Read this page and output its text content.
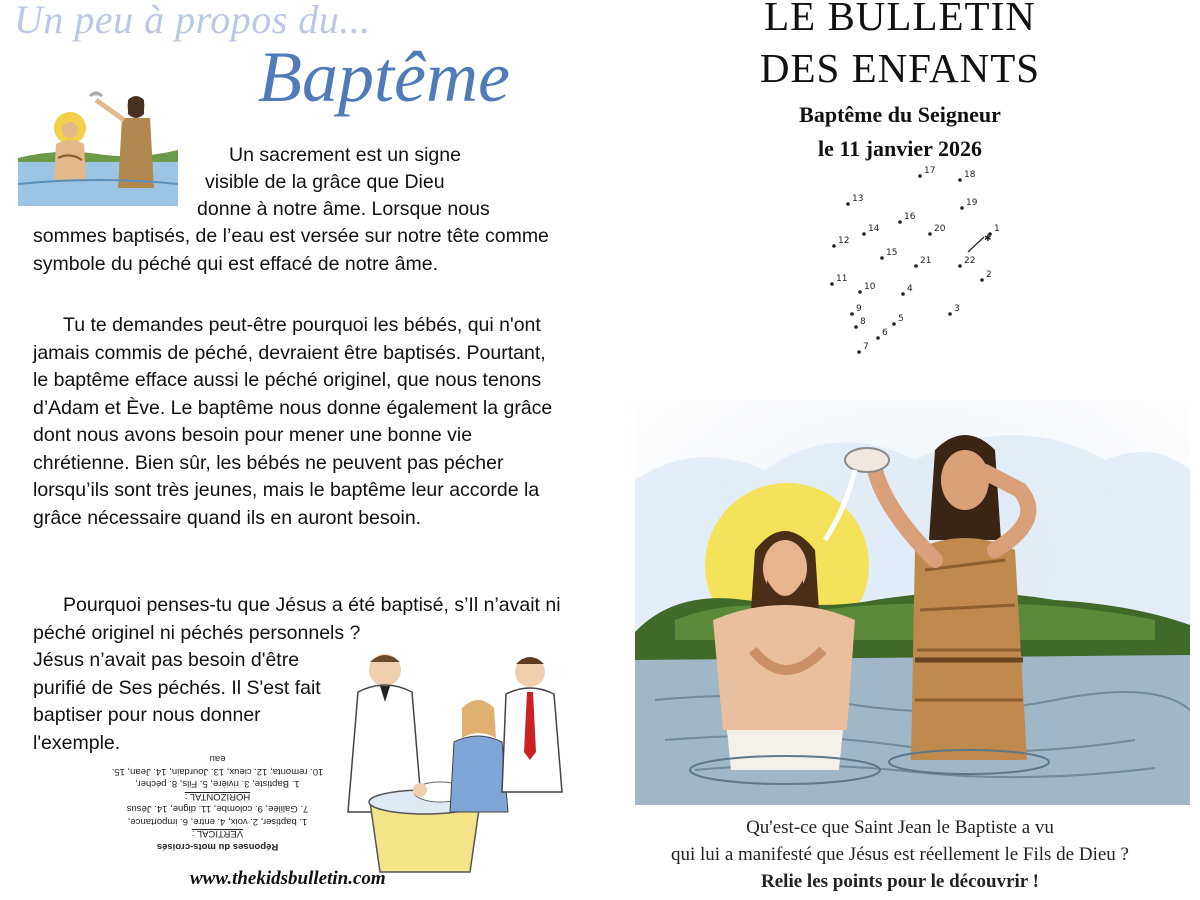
Un peu à propos du...
Baptême
Un sacrement est un signe
visible de la grâce que Dieu
donne à notre âme. Lorsque nous
sommes baptisés, de l’eau est versée sur notre tête comme symbole du péché qui est effacé de notre âme.
Tu te demandes peut-être pourquoi les bébés, qui n'ont jamais commis de péché, devraient être baptisés. Pourtant, le baptême efface aussi le péché originel, que nous tenons d’Adam et Ève. Le baptême nous donne également la grâce dont nous avons besoin pour mener une bonne vie chrétienne. Bien sûr, les bébés ne peuvent pas pécher lorsqu’ils sont très jeunes, mais le baptême leur accorde la grâce nécessaire quand ils en auront besoin.
Pourquoi penses-tu que Jésus a été baptisé, s’Il n’avait ni péché originel ni péchés personnels ?
Jésus n’avait pas besoin d'être purifié de Ses péchés. Il S'est fait baptiser pour nous donner l'exemple.
Réponses du mots-croisés
VERTICAL :
1. baptiser, 2. voix, 4. entre, 6. importance,
7. Galilée, 9. colombe, 11. digne, 14. Jésus
HORIZONTAL :
1. Baptiste, 3. rivière, 5. Fils, 8. pécher,
10. remonta, 12. cieux, 13. Jourdain, 14. Jean, 15. eau
www.thekidsbulletin.com
LE BULLETIN
DES ENFANTS
Baptême du Seigneur
le 11 janvier 2026
1
2
3
4
5
6
7
8
9
10
11
12
13
14
15
16
17	18
19
20
21	22
✱
Qu'est-ce que Saint Jean le Baptiste a vu
qui lui a manifesté que Jésus est réellement le Fils de Dieu ?
Relie les points pour le découvrir !
